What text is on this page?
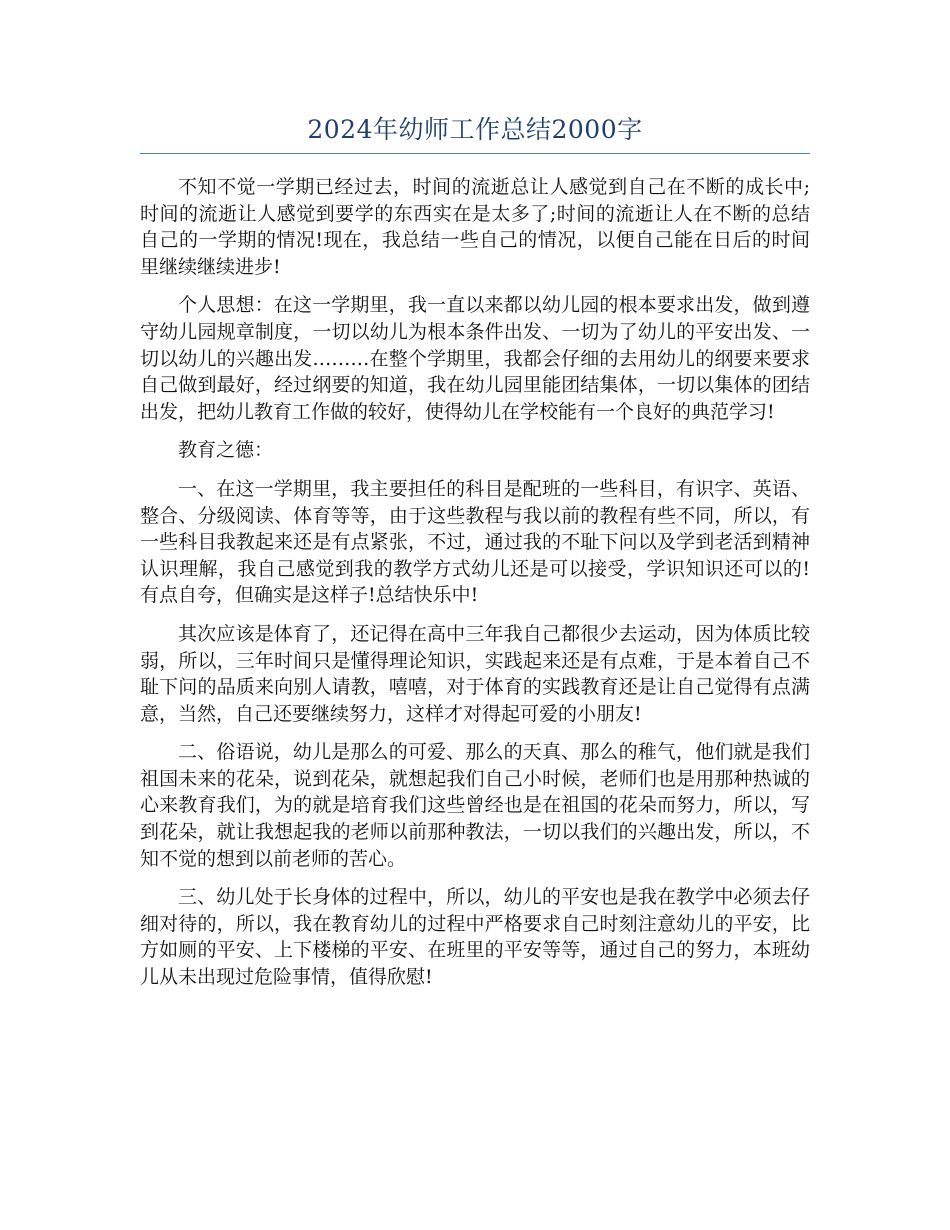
2024年幼师工作总结2000字

不知不觉一学期已经过去，时间的流逝总让人感觉到自己在不断的成长中;时间的流逝让人感觉到要学的东西实在是太多了;时间的流逝让人在不断的总结自己的一学期的情况!现在，我总结一些自己的情况，以便自己能在日后的时间里继续继续进步!

个人思想：在这一学期里，我一直以来都以幼儿园的根本要求出发，做到遵守幼儿园规章制度，一切以幼儿为根本条件出发、一切为了幼儿的平安出发、一切以幼儿的兴趣出发………在整个学期里，我都会仔细的去用幼儿的纲要来要求自己做到最好，经过纲要的知道，我在幼儿园里能团结集体，一切以集体的团结出发，把幼儿教育工作做的较好，使得幼儿在学校能有一个良好的典范学习!

教育之德：

一、在这一学期里，我主要担任的科目是配班的一些科目，有识字、英语、整合、分级阅读、体育等等，由于这些教程与我以前的教程有些不同，所以，有一些科目我教起来还是有点紧张，不过，通过我的不耻下问以及学到老活到精神认识理解，我自己感觉到我的教学方式幼儿还是可以接受，学识知识还可以的!有点自夸，但确实是这样子!总结快乐中!

其次应该是体育了，还记得在高中三年我自己都很少去运动，因为体质比较弱，所以，三年时间只是懂得理论知识，实践起来还是有点难，于是本着自己不耻下问的品质来向别人请教，嘻嘻，对于体育的实践教育还是让自己觉得有点满意，当然，自己还要继续努力，这样才对得起可爱的小朋友!

二、俗语说，幼儿是那么的可爱、那么的天真、那么的稚气，他们就是我们祖国未来的花朵，说到花朵，就想起我们自己小时候，老师们也是用那种热诚的心来教育我们，为的就是培育我们这些曾经也是在祖国的花朵而努力，所以，写到花朵，就让我想起我的老师以前那种教法，一切以我们的兴趣出发，所以，不知不觉的想到以前老师的苦心。

三、幼儿处于长身体的过程中，所以，幼儿的平安也是我在教学中必须去仔细对待的，所以，我在教育幼儿的过程中严格要求自己时刻注意幼儿的平安，比方如厕的平安、上下楼梯的平安、在班里的平安等等，通过自己的努力，本班幼儿从未出现过危险事情，值得欣慰!
